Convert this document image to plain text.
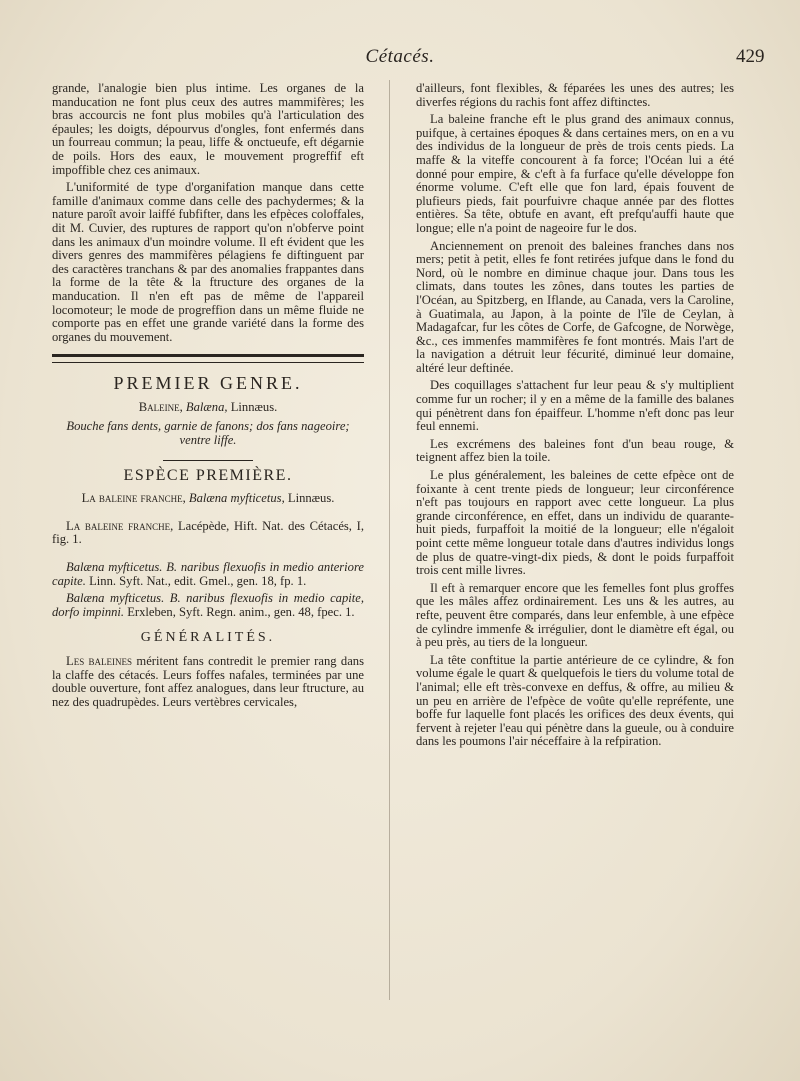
Cétacés.	429

grande, l'analogie bien plus intime. Les organes de la manducation ne font plus ceux des autres mammifères; les bras accourcis ne font plus mobiles qu'à l'articulation des épaules; les doigts, dépourvus d'ongles, font enfermés dans un fourreau commun; la peau, liffe & onctueufe, eft dégarnie de poils. Hors des eaux, le mouvement progreffif eft impoffible chez ces animaux.

L'uniformité de type d'organifation manque dans cette famille d'animaux comme dans celle des pachydermes; & la nature paroît avoir laiffé fubfifter, dans les efpèces coloffales, dit M. Cuvier, des ruptures de rapport qu'on n'obferve point dans les animaux d'un moindre volume. Il eft évident que les divers genres des mammifères pélagiens fe diftinguent par des caractères tranchans & par des anomalies frappantes dans la forme de la tête & la ftructure des organes de la manducation. Il n'en eft pas de même de l'appareil locomoteur; le mode de progreffion dans un même fluide ne comporte pas en effet une grande variété dans la forme des organes du mouvement.

PREMIER GENRE.

Baleine, Balæna, Linnæus.

Bouche fans dents, garnie de fanons; dos fans nageoire; ventre liffe.

ESPÈCE PREMIÈRE.

La baleine franche, Balæna myfticetus, Linnæus.

La baleine franche, Lacépède, Hift. Nat. des Cétacés, I, fig. 1.

Balæna myfticetus. B. naribus flexuofis in medio anteriore capite. Linn. Syft. Nat., edit. Gmel., gen. 18, fp. 1.

Balæna myfticetus. B. naribus flexuofis in medio capite, dorfo impinni. Erxleben, Syft. Regn. anim., gen. 48, fpec. 1.

GÉNÉRALITÉS.

Les baleines méritent fans contredit le premier rang dans la claffe des cétacés. Leurs foffes nafales, terminées par une double ouverture, font affez analogues, dans leur ftructure, au nez des quadrupèdes. Leurs vertèbres cervicales,

d'ailleurs, font flexibles, & féparées les unes des autres; les diverfes régions du rachis font affez diftinctes.

La baleine franche eft le plus grand des animaux connus, puifque, à certaines époques & dans certaines mers, on en a vu des individus de la longueur de près de trois cents pieds. La maffe & la viteffe concourent à fa force; l'Océan lui a été donné pour empire, & c'eft à fa furface qu'elle développe fon énorme volume. C'eft elle que fon lard, épais fouvent de plufieurs pieds, fait pourfuivre chaque année par des flottes entières. Sa tête, obtufe en avant, eft prefqu'auffi haute que longue; elle n'a point de nageoire fur le dos.

Anciennement on prenoit des baleines franches dans nos mers; petit à petit, elles fe font retirées jufque dans le fond du Nord, où le nombre en diminue chaque jour. Dans tous les climats, dans toutes les zônes, dans toutes les parties de l'Océan, au Spitzberg, en Iflande, au Canada, vers la Caroline, à Guatimala, au Japon, à la pointe de l'île de Ceylan, à Madagafcar, fur les côtes de Corfe, de Gafcogne, de Norwège, &c., ces immenfes mammifères fe font montrés. Mais l'art de la navigation a détruit leur fécurité, diminué leur domaine, altéré leur deftinée.

Des coquillages s'attachent fur leur peau & s'y multiplient comme fur un rocher; il y en a même de la famille des balanes qui pénètrent dans fon épaiffeur. L'homme n'eft donc pas leur feul ennemi.

Les excrémens des baleines font d'un beau rouge, & teignent affez bien la toile.

Le plus généralement, les baleines de cette efpèce ont de foixante à cent trente pieds de longueur; leur circonférence n'eft pas toujours en rapport avec cette longueur. La plus grande circonférence, en effet, dans un individu de quarante-huit pieds, furpaffoit la moitié de la longueur; elle n'égaloit point cette même longueur totale dans d'autres individus longs de plus de quatre-vingt-dix pieds, & dont le poids furpaffoit trois cent mille livres.

Il eft à remarquer encore que les femelles font plus groffes que les mâles affez ordinairement. Les uns & les autres, au refte, peuvent être comparés, dans leur enfemble, à une efpèce de cylindre immenfe & irrégulier, dont le diamètre eft égal, ou à peu près, au tiers de la longueur.

La tête conftitue la partie antérieure de ce cylindre, & fon volume égale le quart & quelquefois le tiers du volume total de l'animal; elle eft très-convexe en deffus, & offre, au milieu & un peu en arrière de l'efpèce de voûte qu'elle repréfente, une boffe fur laquelle font placés les orifices des deux évents, qui fervent à rejeter l'eau qui pénètre dans la gueule, ou à conduire dans les poumons l'air néceffaire à la refpiration.
